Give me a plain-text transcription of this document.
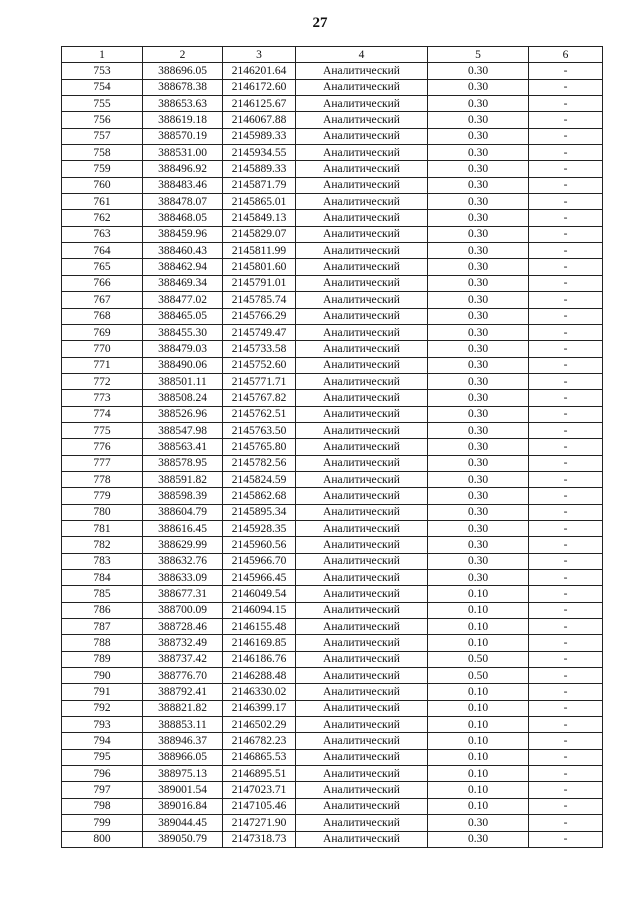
27
1	2	3	4	5	6
753	388696.05	2146201.64	Аналитический	0.30	-
754	388678.38	2146172.60	Аналитический	0.30	-
755	388653.63	2146125.67	Аналитический	0.30	-
756	388619.18	2146067.88	Аналитический	0.30	-
757	388570.19	2145989.33	Аналитический	0.30	-
758	388531.00	2145934.55	Аналитический	0.30	-
759	388496.92	2145889.33	Аналитический	0.30	-
760	388483.46	2145871.79	Аналитический	0.30	-
761	388478.07	2145865.01	Аналитический	0.30	-
762	388468.05	2145849.13	Аналитический	0.30	-
763	388459.96	2145829.07	Аналитический	0.30	-
764	388460.43	2145811.99	Аналитический	0.30	-
765	388462.94	2145801.60	Аналитический	0.30	-
766	388469.34	2145791.01	Аналитический	0.30	-
767	388477.02	2145785.74	Аналитический	0.30	-
768	388465.05	2145766.29	Аналитический	0.30	-
769	388455.30	2145749.47	Аналитический	0.30	-
770	388479.03	2145733.58	Аналитический	0.30	-
771	388490.06	2145752.60	Аналитический	0.30	-
772	388501.11	2145771.71	Аналитический	0.30	-
773	388508.24	2145767.82	Аналитический	0.30	-
774	388526.96	2145762.51	Аналитический	0.30	-
775	388547.98	2145763.50	Аналитический	0.30	-
776	388563.41	2145765.80	Аналитический	0.30	-
777	388578.95	2145782.56	Аналитический	0.30	-
778	388591.82	2145824.59	Аналитический	0.30	-
779	388598.39	2145862.68	Аналитический	0.30	-
780	388604.79	2145895.34	Аналитический	0.30	-
781	388616.45	2145928.35	Аналитический	0.30	-
782	388629.99	2145960.56	Аналитический	0.30	-
783	388632.76	2145966.70	Аналитический	0.30	-
784	388633.09	2145966.45	Аналитический	0.30	-
785	388677.31	2146049.54	Аналитический	0.10	-
786	388700.09	2146094.15	Аналитический	0.10	-
787	388728.46	2146155.48	Аналитический	0.10	-
788	388732.49	2146169.85	Аналитический	0.10	-
789	388737.42	2146186.76	Аналитический	0.50	-
790	388776.70	2146288.48	Аналитический	0.50	-
791	388792.41	2146330.02	Аналитический	0.10	-
792	388821.82	2146399.17	Аналитический	0.10	-
793	388853.11	2146502.29	Аналитический	0.10	-
794	388946.37	2146782.23	Аналитический	0.10	-
795	388966.05	2146865.53	Аналитический	0.10	-
796	388975.13	2146895.51	Аналитический	0.10	-
797	389001.54	2147023.71	Аналитический	0.10	-
798	389016.84	2147105.46	Аналитический	0.10	-
799	389044.45	2147271.90	Аналитический	0.30	-
800	389050.79	2147318.73	Аналитический	0.30	-
